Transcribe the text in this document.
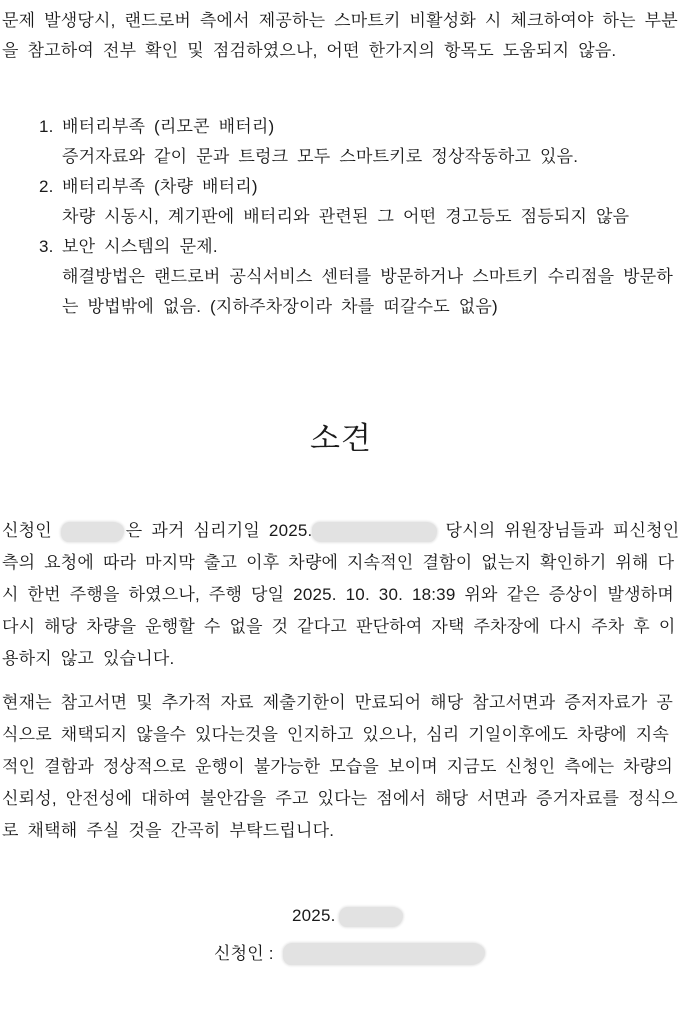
문제 발생당시, 랜드로버 측에서 제공하는 스마트키 비활성화 시 체크하여야 하는 부분을 참고하여 전부 확인 및 점검하였으나, 어떤 한가지의 항목도 도움되지 않음.
1. 배터리부족 (리모콘 배터리)
증거자료와 같이 문과 트렁크 모두 스마트키로 정상작동하고 있음.
2. 배터리부족 (차량 배터리)
차량 시동시, 계기판에 배터리와 관련된 그 어떤 경고등도 점등되지 않음
3. 보안 시스템의 문제.
해결방법은 랜드로버 공식서비스 센터를 방문하거나 스마트키 수리점을 방문하는 방법밖에 없음. (지하주차장이라 차를 떠갈수도 없음)
소견
신청인	은 과거 심리기일 2025.	당시의 위원장님들과 피신청인 측의 요청에 따라 마지막 출고 이후 차량에 지속적인 결함이 없는지 확인하기 위해 다시 한번 주행을 하였으나, 주행 당일 2025. 10. 30. 18:39 위와 같은 증상이 발생하며 다시 해당 차량을 운행할 수 없을 것 같다고 판단하여 자택 주차장에 다시 주차 후 이용하지 않고 있습니다.
현재는 참고서면 및 추가적 자료 제출기한이 만료되어 해당 참고서면과 증저자료가 공식으로 채택되지 않을수 있다는것을 인지하고 있으나, 심리 기일이후에도 차량에 지속적인 결함과 정상적으로 운행이 불가능한 모습을 보이며 지금도 신청인 측에는 차량의 신뢰성, 안전성에 대하여 불안감을 주고 있다는 점에서 해당 서면과 증거자료를 정식으로 채택해 주실 것을 간곡히 부탁드립니다.
2025.
신청인 :
